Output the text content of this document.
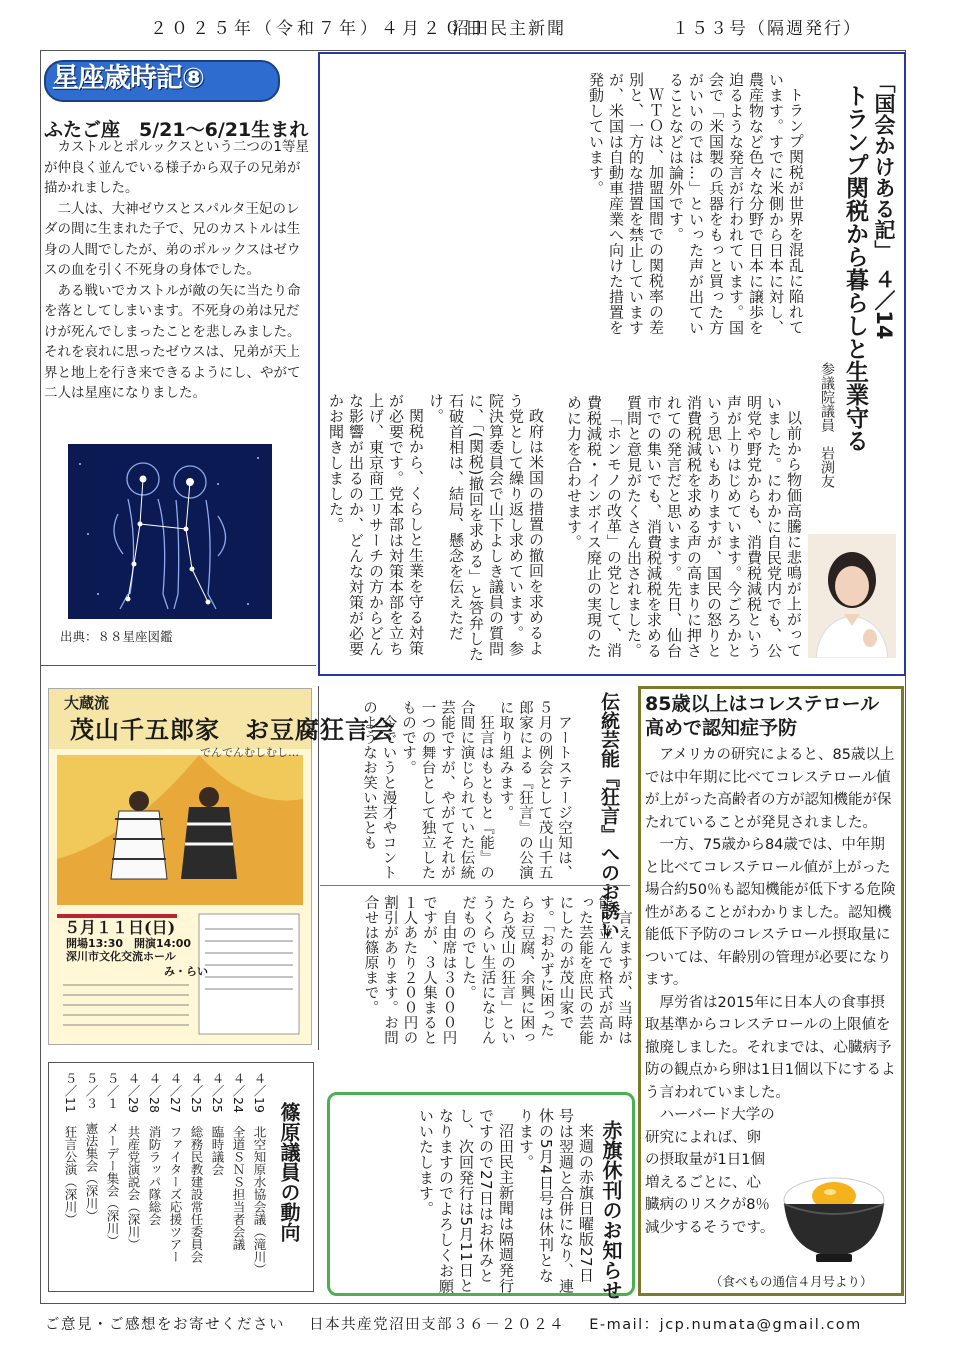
２０２５年（令和７年）４月２０日
沼田民主新聞	１５３号（隔週発行）
星座歳時記⑧
ふたご座　5/21～6/21生まれ

カストルとポルックスという二つの1等星が仲良く並んでいる様子から双子の兄弟が描かれました。

二人は、大神ゼウスとスパルタ王妃のレダの間に生まれた子で、兄のカストルは生身の人間でしたが、弟のポルックスはゼウスの血を引く不死身の身体でした。

ある戦いでカストルが敵の矢に当たり命を落としてしまいます。不死身の弟は兄だけが死んでしまったことを悲しみました。それを哀れに思ったゼウスは、兄弟が天上界と地上を行き来できるようにし、やがて二人は星座になりました。

出典：８８星座図鑑
「国会かけある記」 ４／14
トランプ関税から暮らしと生業守る
参議院議員　岩渕友

トランプ関税が世界を混乱に陥れています。すでに米側から日本に対し、農産物など色々な分野で日本に譲歩を迫るような発言が行われています。国会で「米国製の兵器をもっと買った方がいいのでは…」といった声が出ていることなどは論外です。

ＷＴＯは、加盟国間での関税率の差別と、一方的な措置を禁止していますが、米国は自動車産業へ向けた措置を発動しています。

政府は米国の措置の撤回を求めるよう党として繰り返し求めています。参院決算委員会で山下よしき議員の質問に、「(関税)撤回を求める」と答弁した石破首相は、結局、懸念を伝えただけ。

関税から、くらしと生業を守る対策が必要です。党本部は対策本部を立ち上げ、東京商工リサーチの方からどんな影響が出るのか、どんな対策が必要かお聞きしました。	以前から物価高騰に悲鳴が上がっていました。にわかに自民党内でも、公明党や野党からも、消費税減税という声が上りはじめています。今ごろかという思いもありますが、国民の怒りと消費税減税を求める声の高まりに押されての発言だと思います。先日、仙台市での集いでも、消費税減税を求める質問と意見がたくさん出されました。

「ホンモノの改革」の党として、消費税減税・インボイス廃止の実現のために力を合わせます。

大蔵流
茂山千五郎家　お豆腐狂言会
でんでんむしむし…
５月１１日(日)
開場13:30　開演14:00
深川市文化交流ホール
み・らい
伝統芸能『狂言』へのお誘い

アートステージ空知は、５月の例会として茂山千五郎家による『狂言』の公演に取り組みます。

狂言はもともと『能』の合間に演じられていた伝統芸能ですが、やがてそれが一つの舞台として独立したものです。

今でいうと漫才やコントのようなお笑い芸とも

言えますが、当時は能と並んで格式が高かった芸能を庶民の芸能にしたのが茂山家です。「おかずに困ったらお豆腐、余興に困ったら茂山の狂言」というくらい生活になじんだものでした。

自由席は３０００円ですが、３人集まると１人あたり２００円の割引があります。お問合せは篠原まで。

85歳以上はコレステロール高めで認知症予防

アメリカの研究によると、85歳以上では中年期に比べてコレステロール値が上がった高齢者の方が認知機能が保たれていることが発見されました。

一方、75歳から84歳では、中年期と比べてコレステロール値が上がった場合約50％も認知機能が低下する危険性があることがわかりました。認知機能低下予防のコレステロール摂取量については、年齢別の管理が必要になります。

厚労省は2015年に日本人の食事摂取基準からコレステロールの上限値を撤廃しました。それまでは、心臓病予防の観点から卵は1日1個以下にするよう言われていました。

ハーバード大学の研究によれば、卵の摂取量が1日1個増えるごとに、心臓病のリスクが8％減少するそうです。

（食べもの通信４月号より）
篠原議員の動向
４／19　北空知原水協会議（滝川）
４／24　全道ＳＮＳ担当者会議
４／25　臨時議会
４／25　総務民教建設常任委員会
４／27　ファイターズ応援ツアー
４／28　消防ラッパ隊総会
４／29　共産党演説会（深川）
５／１　メーデー集会（深川）
５／３　憲法集会（深川）
５／11　狂言公演（深川）	赤旗休刊のお知らせ

来週の赤旗日曜版27日号は翌週と合併になり、連休の5月4日号は休刊となります。

沼田民主新聞は隔週発行ですので27日はお休みとし、次回発行は5月11日となりますのでよろしくお願いいたします。

ご意見・ご感想をお寄せください 日本共産党沼田支部３６－２０２４ E-mail：jcp.numata@gmail.com
